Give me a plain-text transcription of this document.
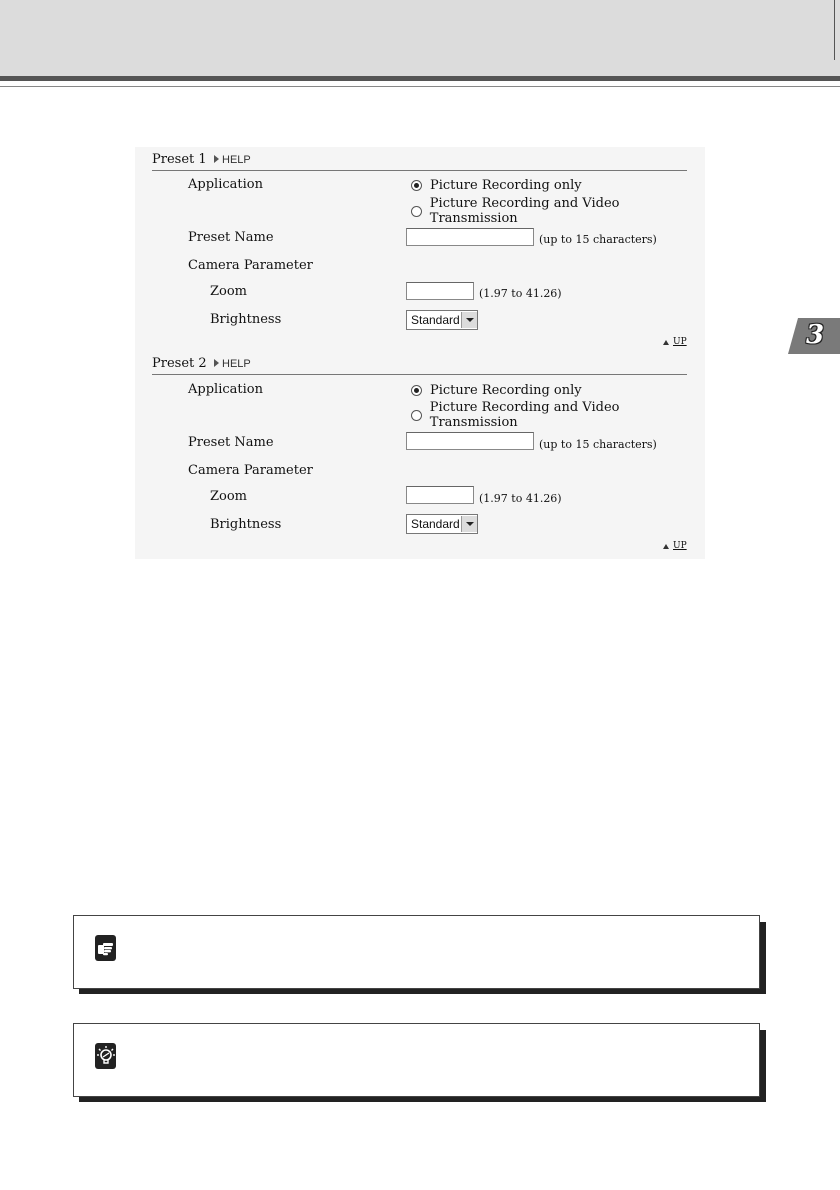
3
Preset 1	HELP
Application	Picture Recording only
Picture Recording and Video Transmission
Preset Name	(up to 15 characters)
Camera Parameter
Zoom	(1.97 to 41.26)
Brightness	Standard
UP
Preset 2	HELP
Application	Picture Recording only
Picture Recording and Video Transmission
Preset Name	(up to 15 characters)
Camera Parameter
Zoom	(1.97 to 41.26)
Brightness	Standard
UP
